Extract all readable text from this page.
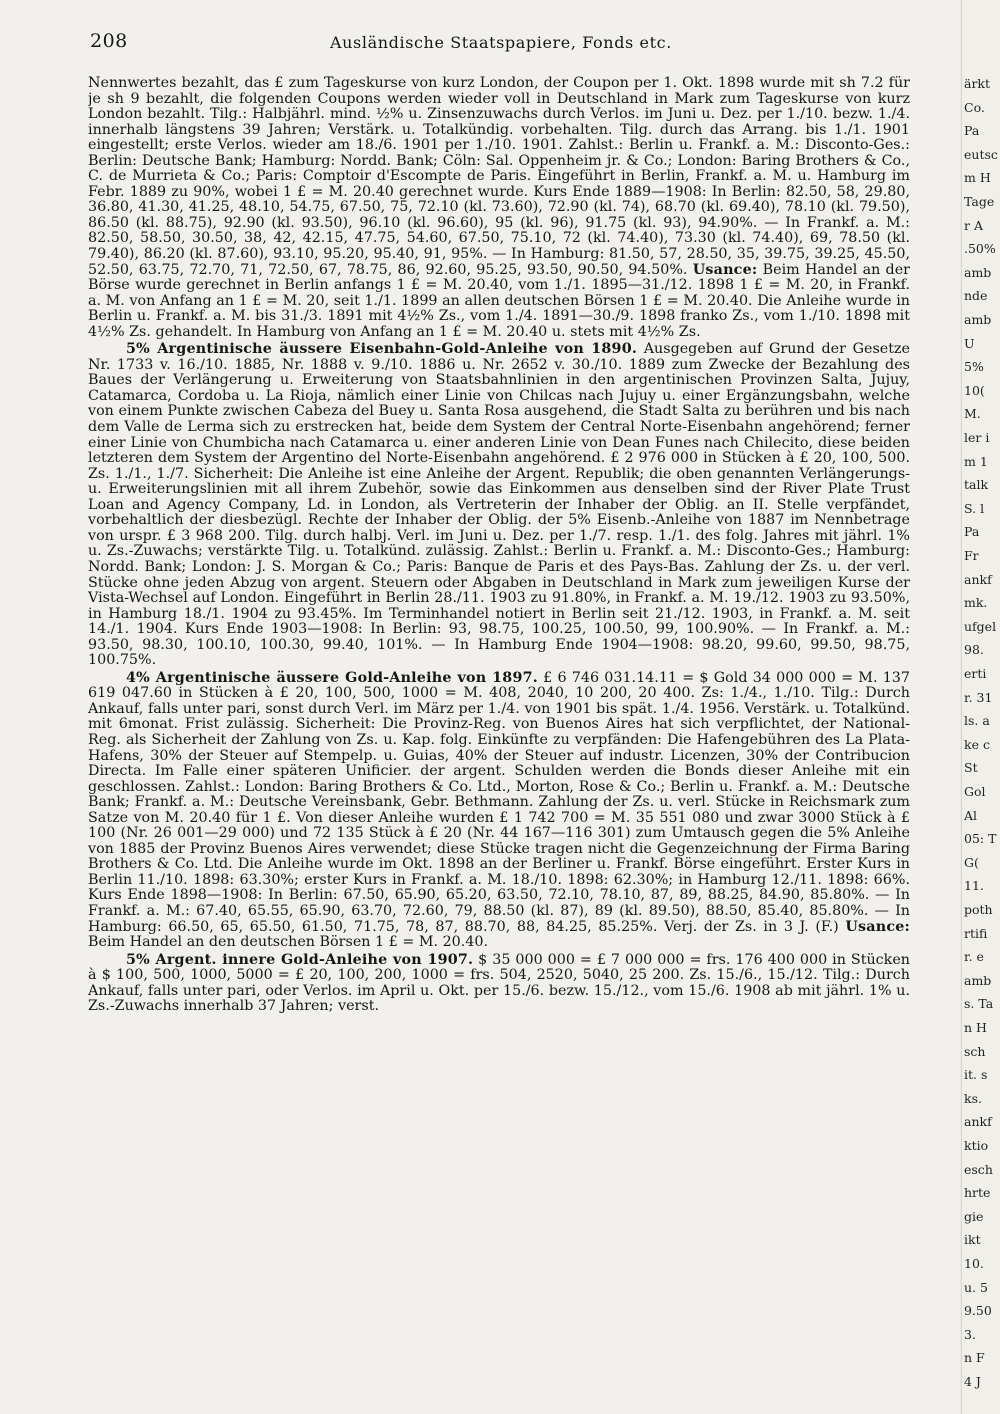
208	Ausländische Staatspapiere, Fonds etc.

Nennwertes bezahlt, das £ zum Tageskurse von kurz London, der Coupon per 1. Okt. 1898 wurde mit sh 7.2 für je sh 9 bezahlt, die folgenden Coupons werden wieder voll in Deutschland in Mark zum Tageskurse von kurz London bezahlt. Tilg.: Halbjährl. mind. ½% u. Zinsenzuwachs durch Verlos. im Juni u. Dez. per 1./10. bezw. 1./4. innerhalb längstens 39 Jahren; Verstärk. u. Totalkündig. vorbehalten. Tilg. durch das Arrang. bis 1./1. 1901 eingestellt; erste Verlos. wieder am 18./6. 1901 per 1./10. 1901. Zahlst.: Berlin u. Frankf. a. M.: Disconto-Ges.: Berlin: Deutsche Bank; Hamburg: Nordd. Bank; Cöln: Sal. Oppenheim jr. & Co.; London: Baring Brothers & Co., C. de Murrieta & Co.; Paris: Comptoir d'Escompte de Paris. Eingeführt in Berlin, Frankf. a. M. u. Hamburg im Febr. 1889 zu 90%, wobei 1 £ = M. 20.40 gerechnet wurde. Kurs Ende 1889—1908: In Berlin: 82.50, 58, 29.80, 36.80, 41.30, 41.25, 48.10, 54.75, 67.50, 75, 72.10 (kl. 73.60), 72.90 (kl. 74), 68.70 (kl. 69.40), 78.10 (kl. 79.50), 86.50 (kl. 88.75), 92.90 (kl. 93.50), 96.10 (kl. 96.60), 95 (kl. 96), 91.75 (kl. 93), 94.90%. — In Frankf. a. M.: 82.50, 58.50, 30.50, 38, 42, 42.15, 47.75, 54.60, 67.50, 75.10, 72 (kl. 74.40), 73.30 (kl. 74.40), 69, 78.50 (kl. 79.40), 86.20 (kl. 87.60), 93.10, 95.20, 95.40, 91, 95%. — In Hamburg: 81.50, 57, 28.50, 35, 39.75, 39.25, 45.50, 52.50, 63.75, 72.70, 71, 72.50, 67, 78.75, 86, 92.60, 95.25, 93.50, 90.50, 94.50%. Usance: Beim Handel an der Börse wurde gerechnet in Berlin anfangs 1 £ = M. 20.40, vom 1./1. 1895—31./12. 1898 1 £ = M. 20, in Frankf. a. M. von Anfang an 1 £ = M. 20, seit 1./1. 1899 an allen deutschen Börsen 1 £ = M. 20.40. Die Anleihe wurde in Berlin u. Frankf. a. M. bis 31./3. 1891 mit 4½% Zs., vom 1./4. 1891—30./9. 1898 franko Zs., vom 1./10. 1898 mit 4½% Zs. gehandelt. In Hamburg von Anfang an 1 £ = M. 20.40 u. stets mit 4½% Zs.

5% Argentinische äussere Eisenbahn-Gold-Anleihe von 1890. Ausgegeben auf Grund der Gesetze Nr. 1733 v. 16./10. 1885, Nr. 1888 v. 9./10. 1886 u. Nr. 2652 v. 30./10. 1889 zum Zwecke der Bezahlung des Baues der Verlängerung u. Erweiterung von Staatsbahnlinien in den argentinischen Provinzen Salta, Jujuy, Catamarca, Cordoba u. La Rioja, nämlich einer Linie von Chilcas nach Jujuy u. einer Ergänzungsbahn, welche von einem Punkte zwischen Cabeza del Buey u. Santa Rosa ausgehend, die Stadt Salta zu berühren und bis nach dem Valle de Lerma sich zu erstrecken hat, beide dem System der Central Norte-Eisenbahn angehörend; ferner einer Linie von Chumbicha nach Catamarca u. einer anderen Linie von Dean Funes nach Chilecito, diese beiden letzteren dem System der Argentino del Norte-Eisenbahn angehörend. £ 2 976 000 in Stücken à £ 20, 100, 500. Zs. 1./1., 1./7. Sicherheit: Die Anleihe ist eine Anleihe der Argent. Republik; die oben genannten Verlängerungs- u. Erweiterungslinien mit all ihrem Zubehör, sowie das Einkommen aus denselben sind der River Plate Trust Loan and Agency Company, Ld. in London, als Vertreterin der Inhaber der Oblig. an II. Stelle verpfändet, vorbehaltlich der diesbezügl. Rechte der Inhaber der Oblig. der 5% Eisenb.-Anleihe von 1887 im Nennbetrage von urspr. £ 3 968 200. Tilg. durch halbj. Verl. im Juni u. Dez. per 1./7. resp. 1./1. des folg. Jahres mit jährl. 1% u. Zs.-Zuwachs; verstärkte Tilg. u. Totalkünd. zulässig. Zahlst.: Berlin u. Frankf. a. M.: Disconto-Ges.; Hamburg: Nordd. Bank; London: J. S. Morgan & Co.; Paris: Banque de Paris et des Pays-Bas. Zahlung der Zs. u. der verl. Stücke ohne jeden Abzug von argent. Steuern oder Abgaben in Deutschland in Mark zum jeweiligen Kurse der Vista-Wechsel auf London. Eingeführt in Berlin 28./11. 1903 zu 91.80%, in Frankf. a. M. 19./12. 1903 zu 93.50%, in Hamburg 18./1. 1904 zu 93.45%. Im Terminhandel notiert in Berlin seit 21./12. 1903, in Frankf. a. M. seit 14./1. 1904. Kurs Ende 1903—1908: In Berlin: 93, 98.75, 100.25, 100.50, 99, 100.90%. — In Frankf. a. M.: 93.50, 98.30, 100.10, 100.30, 99.40, 101%. — In Hamburg Ende 1904—1908: 98.20, 99.60, 99.50, 98.75, 100.75%.

4% Argentinische äussere Gold-Anleihe von 1897. £ 6 746 031.14.11 = $ Gold 34 000 000 = M. 137 619 047.60 in Stücken à £ 20, 100, 500, 1000 = M. 408, 2040, 10 200, 20 400. Zs: 1./4., 1./10. Tilg.: Durch Ankauf, falls unter pari, sonst durch Verl. im März per 1./4. von 1901 bis spät. 1./4. 1956. Verstärk. u. Totalkünd. mit 6monat. Frist zulässig. Sicherheit: Die Provinz-Reg. von Buenos Aires hat sich verpflichtet, der National-Reg. als Sicherheit der Zahlung von Zs. u. Kap. folg. Einkünfte zu verpfänden: Die Hafengebühren des La Plata-Hafens, 30% der Steuer auf Stempelp. u. Guias, 40% der Steuer auf industr. Licenzen, 30% der Contribucion Directa. Im Falle einer späteren Unificier. der argent. Schulden werden die Bonds dieser Anleihe mit ein geschlossen. Zahlst.: London: Baring Brothers & Co. Ltd., Morton, Rose & Co.; Berlin u. Frankf. a. M.: Deutsche Bank; Frankf. a. M.: Deutsche Vereinsbank, Gebr. Bethmann. Zahlung der Zs. u. verl. Stücke in Reichsmark zum Satze von M. 20.40 für 1 £. Von dieser Anleihe wurden £ 1 742 700 = M. 35 551 080 und zwar 3000 Stück à £ 100 (Nr. 26 001—29 000) und 72 135 Stück à £ 20 (Nr. 44 167—116 301) zum Umtausch gegen die 5% Anleihe von 1885 der Provinz Buenos Aires verwendet; diese Stücke tragen nicht die Gegenzeichnung der Firma Baring Brothers & Co. Ltd. Die Anleihe wurde im Okt. 1898 an der Berliner u. Frankf. Börse eingeführt. Erster Kurs in Berlin 11./10. 1898: 63.30%; erster Kurs in Frankf. a. M. 18./10. 1898: 62.30%; in Hamburg 12./11. 1898: 66%. Kurs Ende 1898—1908: In Berlin: 67.50, 65.90, 65.20, 63.50, 72.10, 78.10, 87, 89, 88.25, 84.90, 85.80%. — In Frankf. a. M.: 67.40, 65.55, 65.90, 63.70, 72.60, 79, 88.50 (kl. 87), 89 (kl. 89.50), 88.50, 85.40, 85.80%. — In Hamburg: 66.50, 65, 65.50, 61.50, 71.75, 78, 87, 88.70, 88, 84.25, 85.25%. Verj. der Zs. in 3 J. (F.) Usance: Beim Handel an den deutschen Börsen 1 £ = M. 20.40.

5% Argent. innere Gold-Anleihe von 1907. $ 35 000 000 = £ 7 000 000 = frs. 176 400 000 in Stücken à $ 100, 500, 1000, 5000 = £ 20, 100, 200, 1000 = frs. 504, 2520, 5040, 25 200. Zs. 15./6., 15./12. Tilg.: Durch Ankauf, falls unter pari, oder Verlos. im April u. Okt. per 15./6. bezw. 15./12., vom 15./6. 1908 ab mit jährl. 1% u. Zs.-Zuwachs innerhalb 37 Jahren; verst.

ärkt
Co.
Pa
eutsc
m H
Tage
r A
.50%
amb
nde
amb
U
5%
10(
M.
ler i
m 1
talk
S. l
Pa
Fr
ankf
mk.
ufgel
98.
erti
r. 31
ls. a
ke c
St
Gol
Al
05: T
G(
11.
poth
rtifi
r. e
amb
s. Ta
n H
sch
it. s
ks.
ankf
ktio
esch
hrte
gie
ikt
10.
u. 5
9.50
3.
n F
4 J
